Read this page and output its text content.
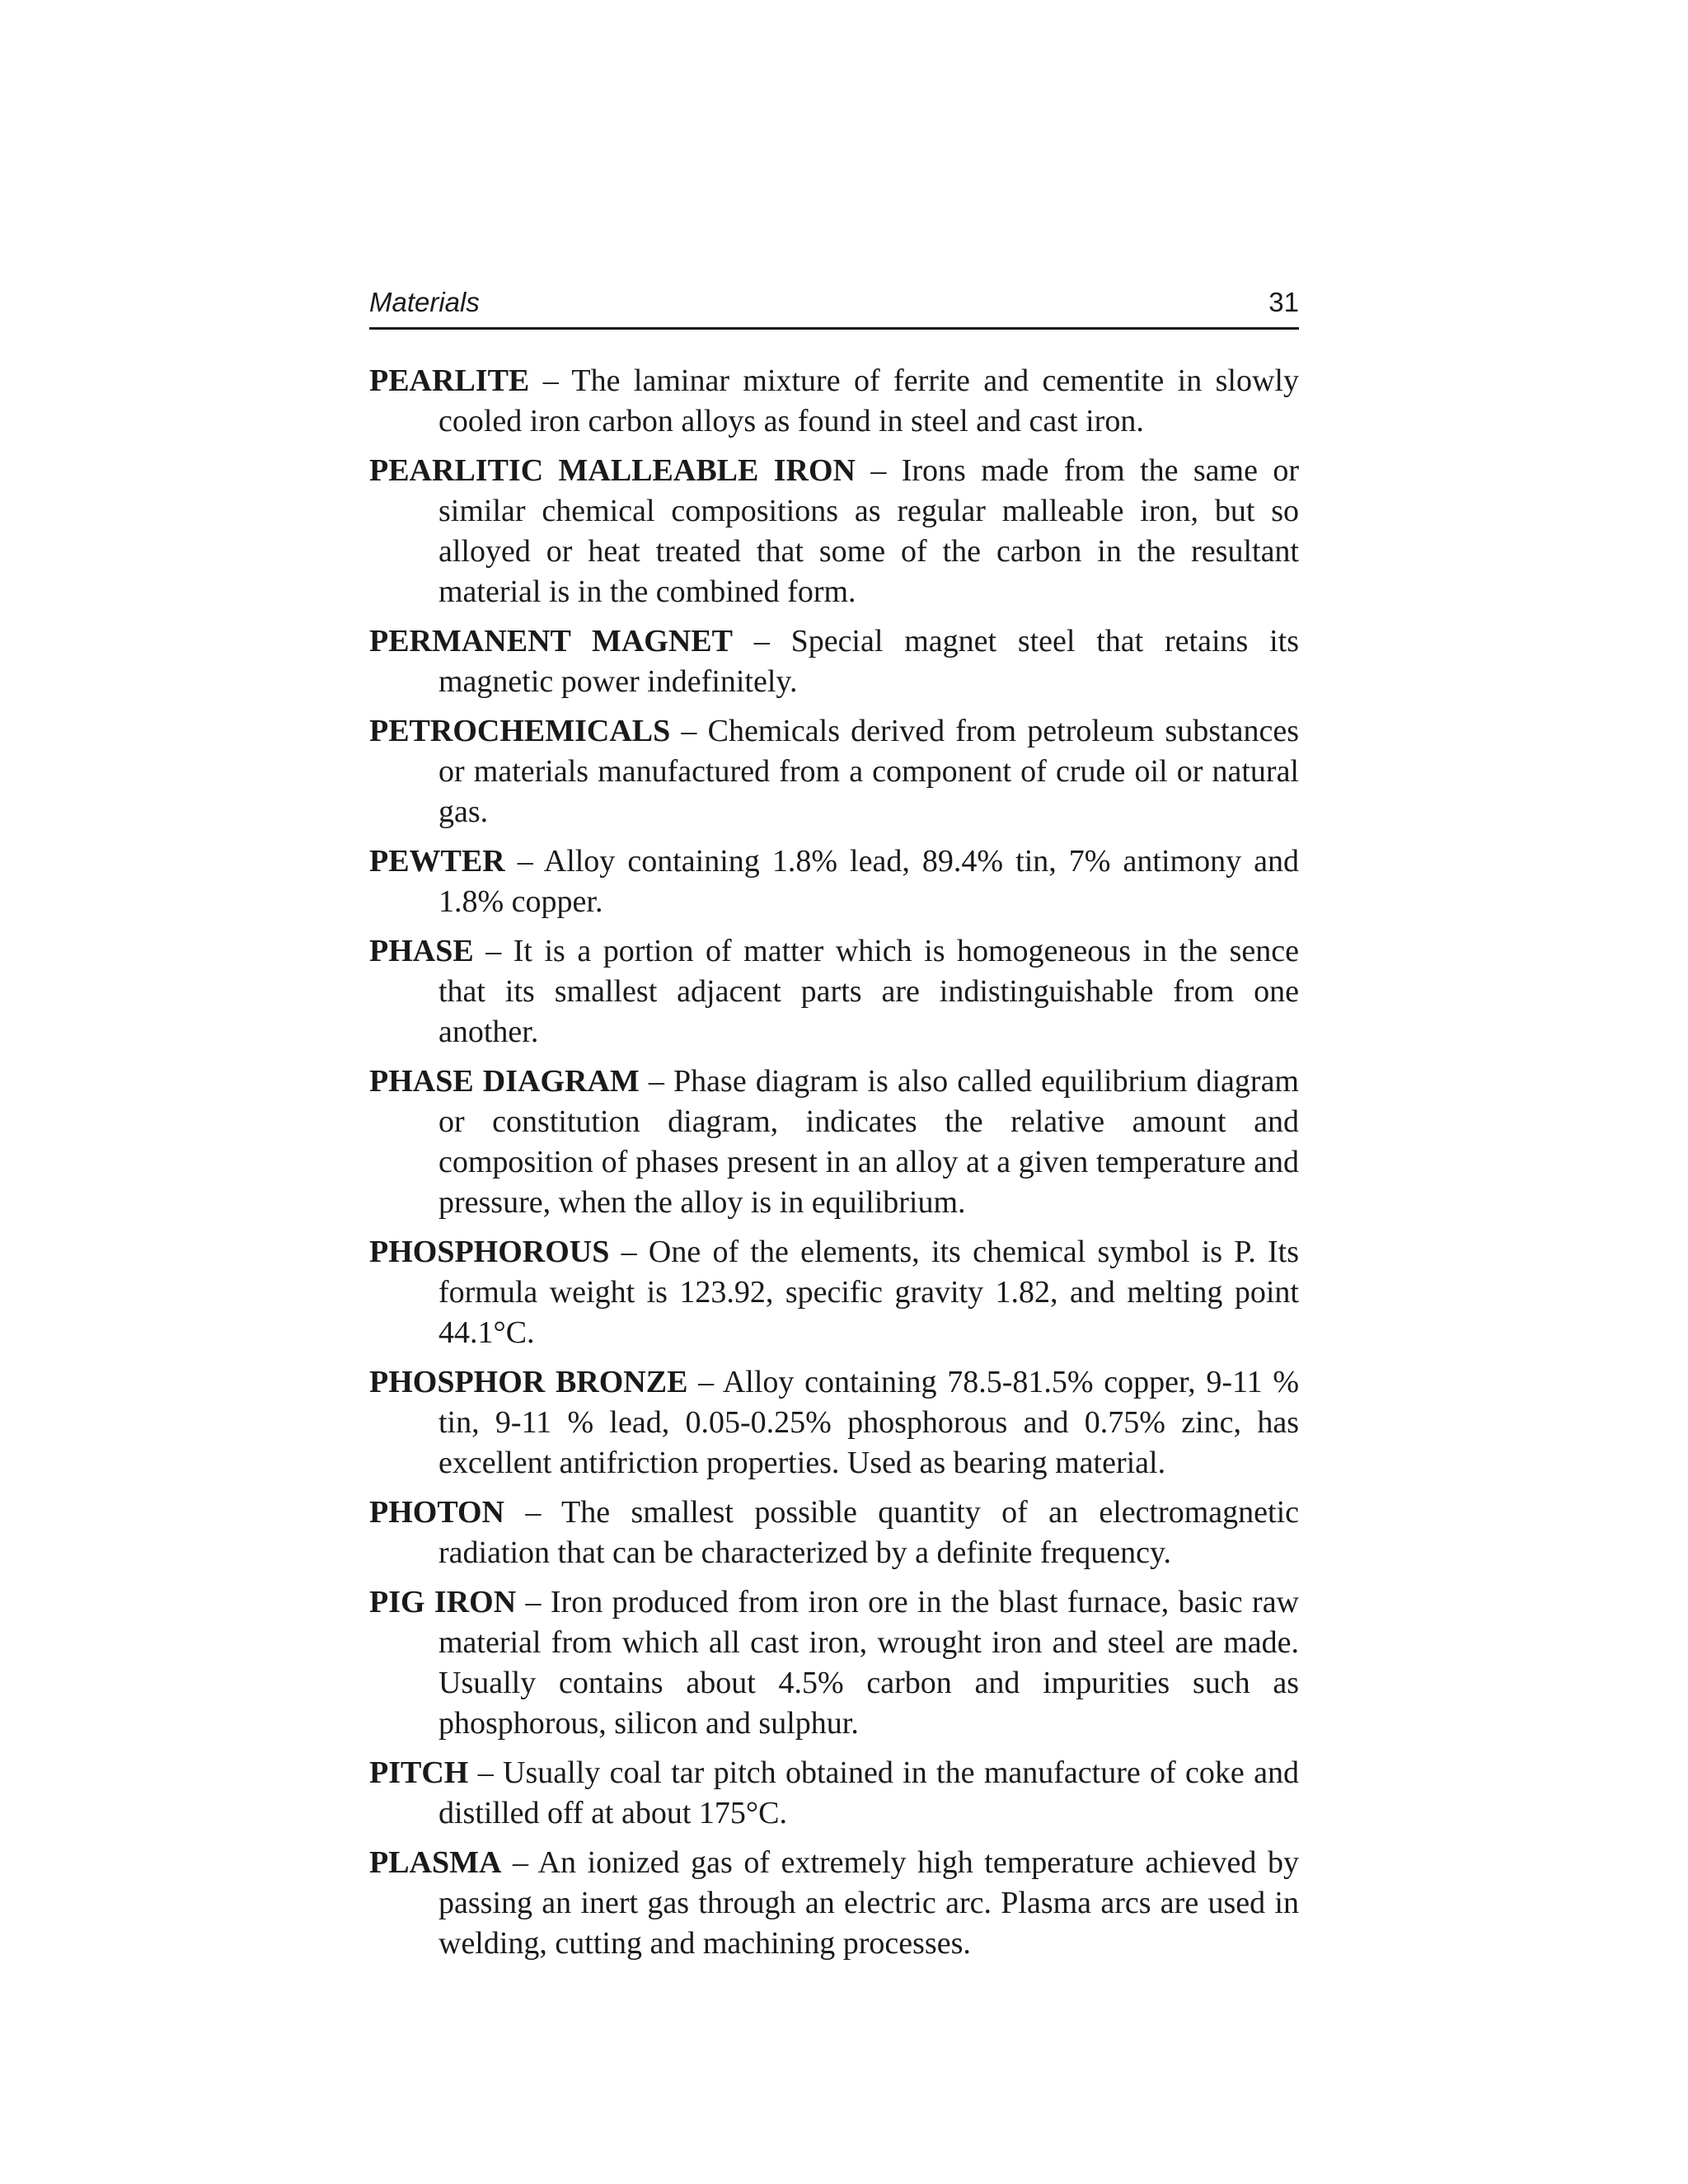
Materials	31

PEARLITE – The laminar mixture of ferrite and cementite in slowly cooled iron carbon alloys as found in steel and cast iron.

PEARLITIC MALLEABLE IRON – Irons made from the same or similar chemical compositions as regular malleable iron, but so alloyed or heat treated that some of the carbon in the resultant material is in the combined form.

PERMANENT MAGNET – Special magnet steel that retains its magnetic power indefinitely.

PETROCHEMICALS – Chemicals derived from petroleum substances or materials manufactured from a component of crude oil or natural gas.

PEWTER – Alloy containing 1.8% lead, 89.4% tin, 7% antimony and 1.8% copper.

PHASE – It is a portion of matter which is homogeneous in the sence that its smallest adjacent parts are indistinguishable from one another.

PHASE DIAGRAM – Phase diagram is also called equilibrium diagram or constitution diagram, indicates the relative amount and composition of phases present in an alloy at a given temperature and pressure, when the alloy is in equilibrium.

PHOSPHOROUS – One of the elements, its chemical symbol is P. Its formula weight is 123.92, specific gravity 1.82, and melting point 44.1°C.

PHOSPHOR BRONZE – Alloy containing 78.5-81.5% copper, 9-11 % tin, 9-11 % lead, 0.05-0.25% phosphorous and 0.75% zinc, has excellent antifriction properties. Used as bearing material.

PHOTON – The smallest possible quantity of an electromagnetic radiation that can be characterized by a definite frequency.

PIG IRON – Iron produced from iron ore in the blast furnace, basic raw material from which all cast iron, wrought iron and steel are made. Usually contains about 4.5% carbon and impurities such as phosphorous, silicon and sulphur.

PITCH – Usually coal tar pitch obtained in the manufacture of coke and distilled off at about 175°C.

PLASMA – An ionized gas of extremely high temperature achieved by passing an inert gas through an electric arc. Plasma arcs are used in welding, cutting and machining processes.
